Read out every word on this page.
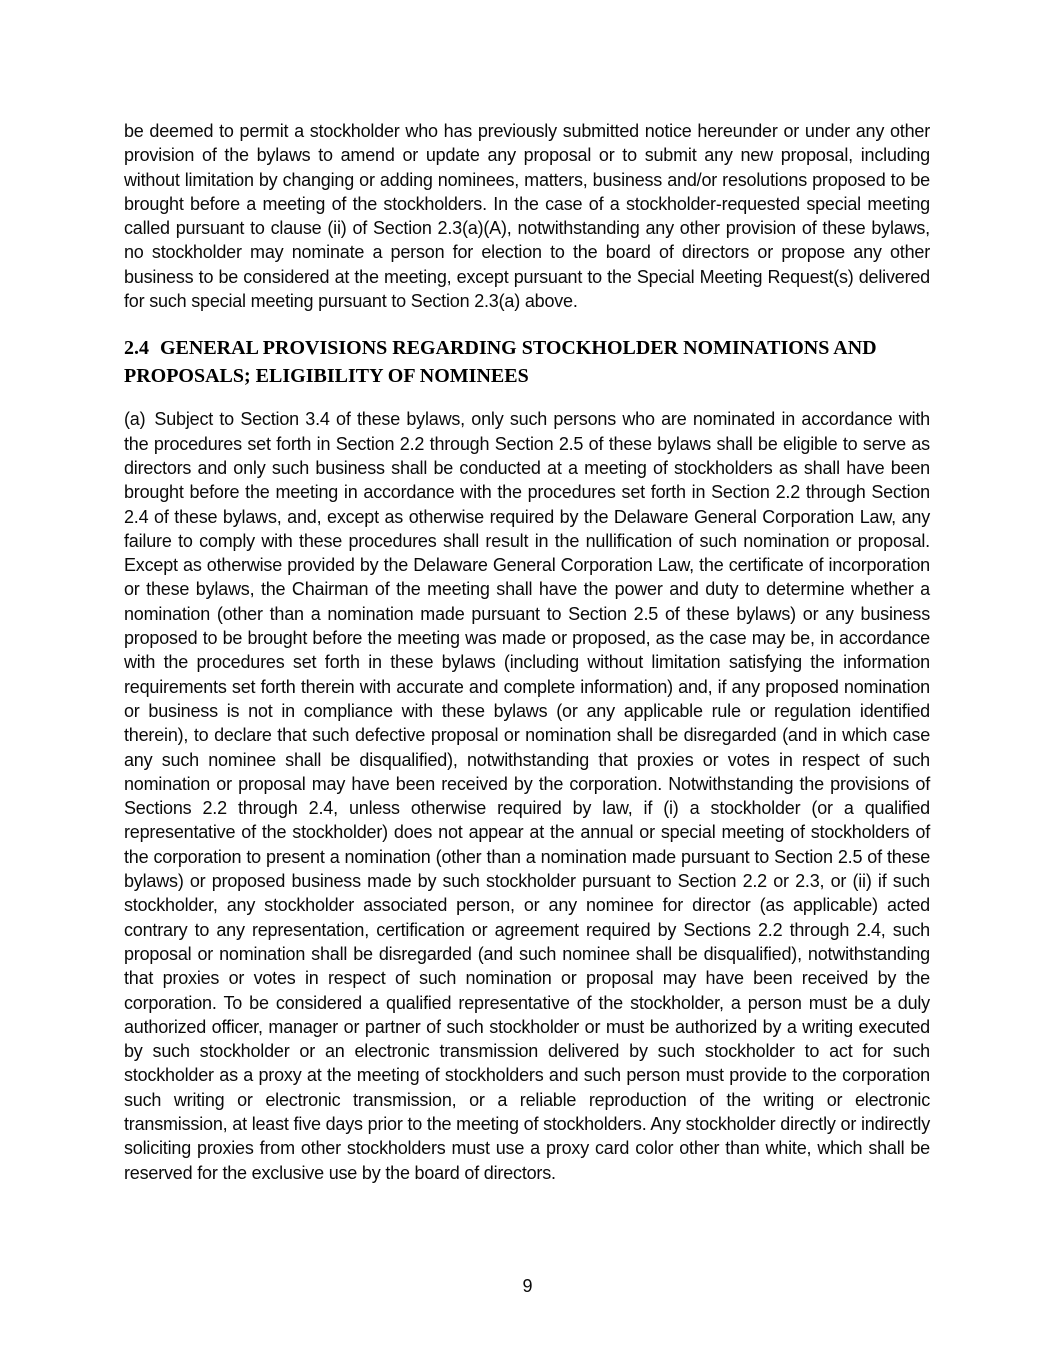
be deemed to permit a stockholder who has previously submitted notice hereunder or under any other provision of the bylaws to amend or update any proposal or to submit any new proposal, including without limitation by changing or adding nominees, matters, business and/or resolutions proposed to be brought before a meeting of the stockholders. In the case of a stockholder-requested special meeting called pursuant to clause (ii) of Section 2.3(a)(A), notwithstanding any other provision of these bylaws, no stockholder may nominate a person for election to the board of directors or propose any other business to be considered at the meeting, except pursuant to the Special Meeting Request(s) delivered for such special meeting pursuant to Section 2.3(a) above.

2.4 GENERAL PROVISIONS REGARDING STOCKHOLDER NOMINATIONS AND PROPOSALS; ELIGIBILITY OF NOMINEES

(a) Subject to Section 3.4 of these bylaws, only such persons who are nominated in accordance with the procedures set forth in Section 2.2 through Section 2.5 of these bylaws shall be eligible to serve as directors and only such business shall be conducted at a meeting of stockholders as shall have been brought before the meeting in accordance with the procedures set forth in Section 2.2 through Section 2.4 of these bylaws, and, except as otherwise required by the Delaware General Corporation Law, any failure to comply with these procedures shall result in the nullification of such nomination or proposal. Except as otherwise provided by the Delaware General Corporation Law, the certificate of incorporation or these bylaws, the Chairman of the meeting shall have the power and duty to determine whether a nomination (other than a nomination made pursuant to Section 2.5 of these bylaws) or any business proposed to be brought before the meeting was made or proposed, as the case may be, in accordance with the procedures set forth in these bylaws (including without limitation satisfying the information requirements set forth therein with accurate and complete information) and, if any proposed nomination or business is not in compliance with these bylaws (or any applicable rule or regulation identified therein), to declare that such defective proposal or nomination shall be disregarded (and in which case any such nominee shall be disqualified), notwithstanding that proxies or votes in respect of such nomination or proposal may have been received by the corporation. Notwithstanding the provisions of Sections 2.2 through 2.4, unless otherwise required by law, if (i) a stockholder (or a qualified representative of the stockholder) does not appear at the annual or special meeting of stockholders of the corporation to present a nomination (other than a nomination made pursuant to Section 2.5 of these bylaws) or proposed business made by such stockholder pursuant to Section 2.2 or 2.3, or (ii) if such stockholder, any stockholder associated person, or any nominee for director (as applicable) acted contrary to any representation, certification or agreement required by Sections 2.2 through 2.4, such proposal or nomination shall be disregarded (and such nominee shall be disqualified), notwithstanding that proxies or votes in respect of such nomination or proposal may have been received by the corporation. To be considered a qualified representative of the stockholder, a person must be a duly authorized officer, manager or partner of such stockholder or must be authorized by a writing executed by such stockholder or an electronic transmission delivered by such stockholder to act for such stockholder as a proxy at the meeting of stockholders and such person must provide to the corporation such writing or electronic transmission, or a reliable reproduction of the writing or electronic transmission, at least five days prior to the meeting of stockholders. Any stockholder directly or indirectly soliciting proxies from other stockholders must use a proxy card color other than white, which shall be reserved for the exclusive use by the board of directors.

9
